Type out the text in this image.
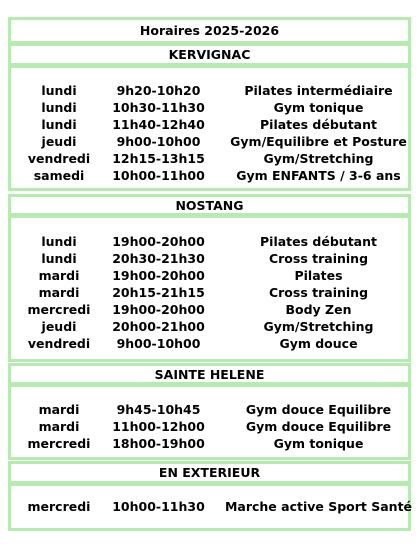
Horaires 2025-2026
KERVIGNAC
lundi	9h20-10h20	Pilates intermédiaire
lundi	10h30-11h30	Gym tonique
lundi	11h40-12h40	Pilates débutant
jeudi	9h00-10h00	Gym/Equilibre et Posture
vendredi	12h15-13h15	Gym/Stretching
samedi	10h00-11h00	Gym ENFANTS / 3-6 ans
NOSTANG
lundi	19h00-20h00	Pilates débutant
lundi	20h30-21h30	Cross training
mardi	19h00-20h00	Pilates
mardi	20h15-21h15	Cross training
mercredi	19h00-20h00	Body Zen
jeudi	20h00-21h00	Gym/Stretching
vendredi	9h00-10h00	Gym douce
SAINTE HELENE
mardi	9h45-10h45	Gym douce Equilibre
mardi	11h00-12h00	Gym douce Equilibre
mercredi	18h00-19h00	Gym tonique
EN EXTERIEUR
mercredi	10h00-11h30	Marche active Sport Santé
